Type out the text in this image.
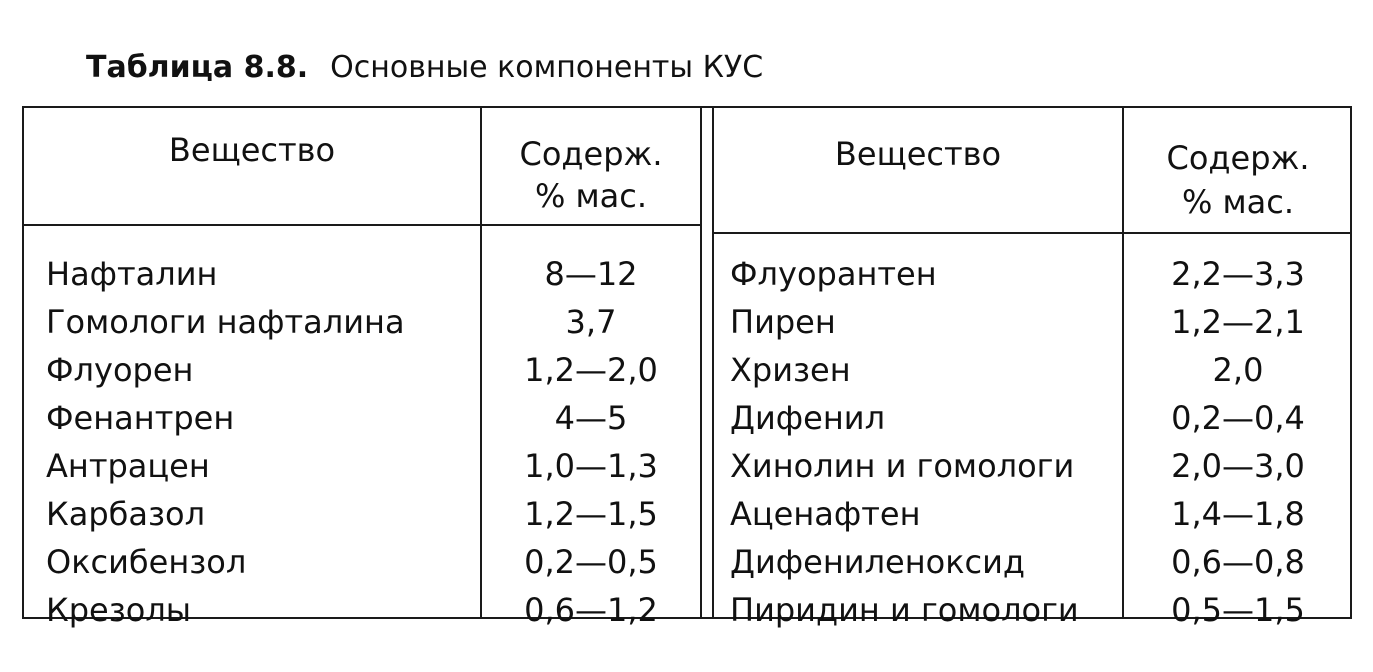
Таблица 8.8. Основные компоненты КУС
Вещество	Содерж.
% мас.
Вещество	Содерж.
% мас.
Нафталин
Гомологи нафталина
Флуорен
Фенантрен
Антрацен
Карбазол
Оксибензол
Крезолы
8—12
3,7
1,2—2,0
4—5
1,0—1,3
1,2—1,5
0,2—0,5
0,6—1,2
Флуорантен
Пирен
Хризен
Дифенил
Хинолин и гомологи
Аценафтен
Дифениленоксид
Пиридин и гомологи
2,2—3,3
1,2—2,1
2,0
0,2—0,4
2,0—3,0
1,4—1,8
0,6—0,8
0,5—1,5
